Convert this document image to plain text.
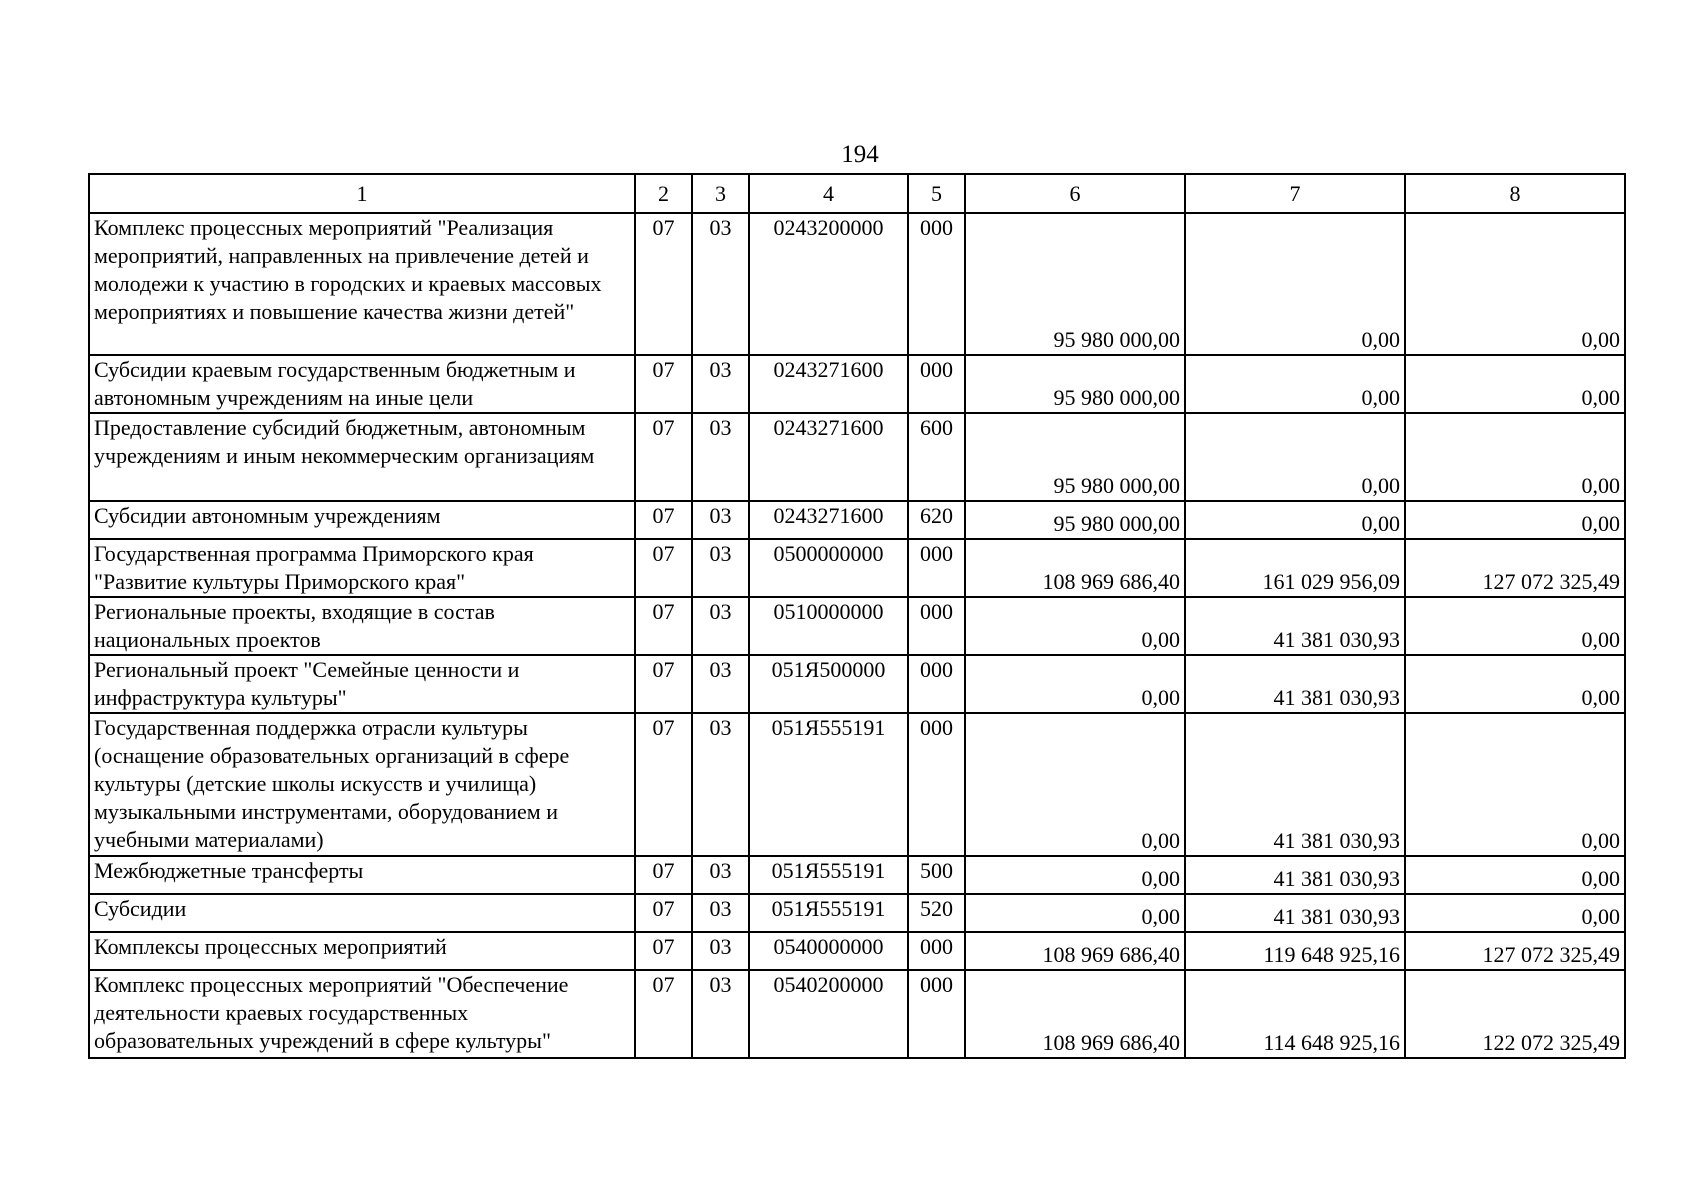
194
1	2	3	4	5	6	7	8
Комплекс процессных мероприятий "Реализация мероприятий, направленных на привлечение детей и молодежи к участию в городских и краевых массовых мероприятиях и повышение качества жизни детей"	07	03	0243200000	000	95 980 000,00	0,00	0,00
Субсидии краевым государственным бюджетным и автономным учреждениям на иные цели	07	03	0243271600	000	95 980 000,00	0,00	0,00
Предоставление субсидий бюджетным, автономным учреждениям и иным некоммерческим организациям	07	03	0243271600	600	95 980 000,00	0,00	0,00
Субсидии автономным учреждениям	07	03	0243271600	620	95 980 000,00	0,00	0,00
Государственная программа Приморского края "Развитие культуры Приморского края"	07	03	0500000000	000	108 969 686,40	161 029 956,09	127 072 325,49
Региональные проекты, входящие в состав национальных проектов	07	03	0510000000	000	0,00	41 381 030,93	0,00
Региональный проект "Семейные ценности и инфраструктура культуры"	07	03	051Я500000	000	0,00	41 381 030,93	0,00
Государственная поддержка отрасли культуры (оснащение образовательных организаций в сфере культуры (детские школы искусств и училища) музыкальными инструментами, оборудованием и учебными материалами)	07	03	051Я555191	000	0,00	41 381 030,93	0,00
Межбюджетные трансферты	07	03	051Я555191	500	0,00	41 381 030,93	0,00
Субсидии	07	03	051Я555191	520	0,00	41 381 030,93	0,00
Комплексы процессных мероприятий	07	03	0540000000	000	108 969 686,40	119 648 925,16	127 072 325,49
Комплекс процессных мероприятий "Обеспечение деятельности краевых государственных образовательных учреждений в сфере культуры"	07	03	0540200000	000	108 969 686,40	114 648 925,16	122 072 325,49
